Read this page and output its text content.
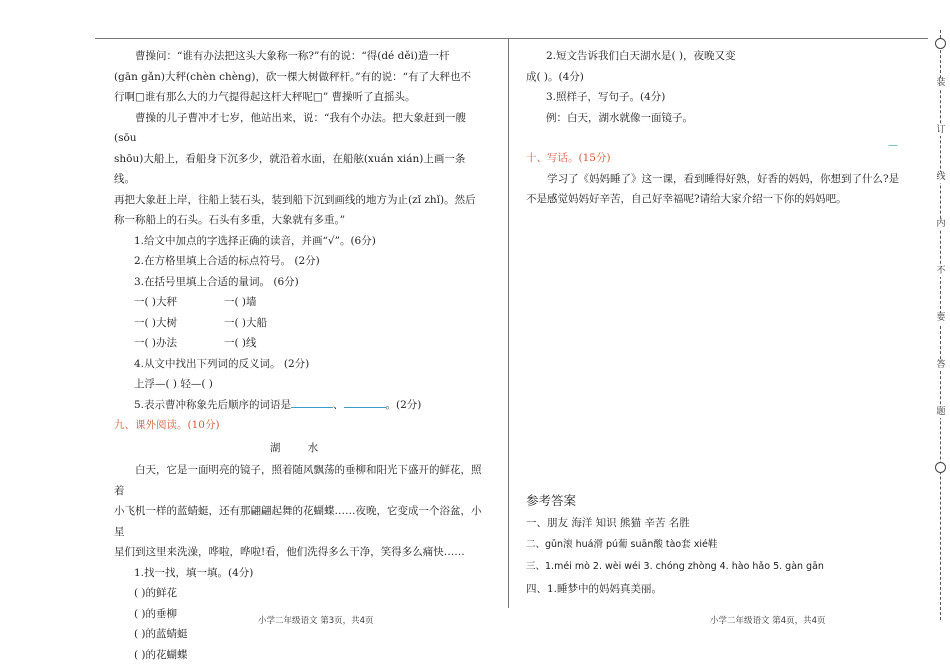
装
订
线
内
不
要
答
题

曹操问：“谁有办法把这头大象称一称?”有的说：“得(dé děi)造一杆

(gān gǎn)大秤(chèn chèng)，砍一棵大树做秤杆。”有的说：“有了大秤也不

行啊□谁有那么大的力气提得起这杆大秤呢□” 曹操听了直摇头。

曹操的儿子曹冲才七岁，他站出来，说：“我有个办法。把大象赶到一艘(sōu

shōu)大船上，看船身下沉多少，就沿着水面，在船舷(xuán xián)上画一条线。

再把大象赶上岸，往船上装石头，装到船下沉到画线的地方为止(zǐ zhǐ)。然后

称一称船上的石头。石头有多重，大象就有多重。”

1.给文中加点的字选择正确的读音，并画“√”。(6分)

2.在方格里填上合适的标点符号。 (2分)

3.在括号里填上合适的量词。 (6分)

一( )大秤	一( )墙

一( )大树	一( )大船

一( )办法	一( )线

4.从文中找出下列词的反义词。 (2分)

上浮—( ) 轻—( )

5.表示曹冲称象先后顺序的词语是	、	。(2分)

九、课外阅读。(10分)

湖 水

白天，它是一面明亮的镜子，照着随风飘荡的垂柳和阳光下盛开的鲜花，照着

小飞机一样的蓝蜻蜓，还有那翩翩起舞的花蝴蝶……夜晚，它变成一个浴盆，小星

星们到这里来洗澡，哗啦，哗啦!看，他们洗得多么干净，笑得多么痛快……

1.找一找，填一填。(4分)

( )的鲜花

( )的垂柳

( )的蓝蜻蜓

( )的花蝴蝶

2.短文告诉我们白天湖水是( )，夜晚又变

成( )。(4分)

3.照样子，写句子。(4分)

例：白天，湖水就像一面镜子。

十、写话。(15分)

学习了《妈妈睡了》这一课，看到睡得好熟，好香的妈妈，你想到了什么?是

不是感觉妈妈好辛苦，自己好幸福呢?请给大家介绍一下你的妈妈吧。

—

参考答案

一、朋友 海洋 知识 熊猫 辛苦 名胜

二、gǔn滚 huá滑 pú葡 suān酸 tào套 xié鞋

三、1.méi mò 2. wèi wéi 3. chóng zhòng 4. hào hǎo 5. gàn gān

四、1.睡梦中的妈妈真美丽。

小学二年级语文 第3页，共4页	小学二年级语文 第4页，共4页
